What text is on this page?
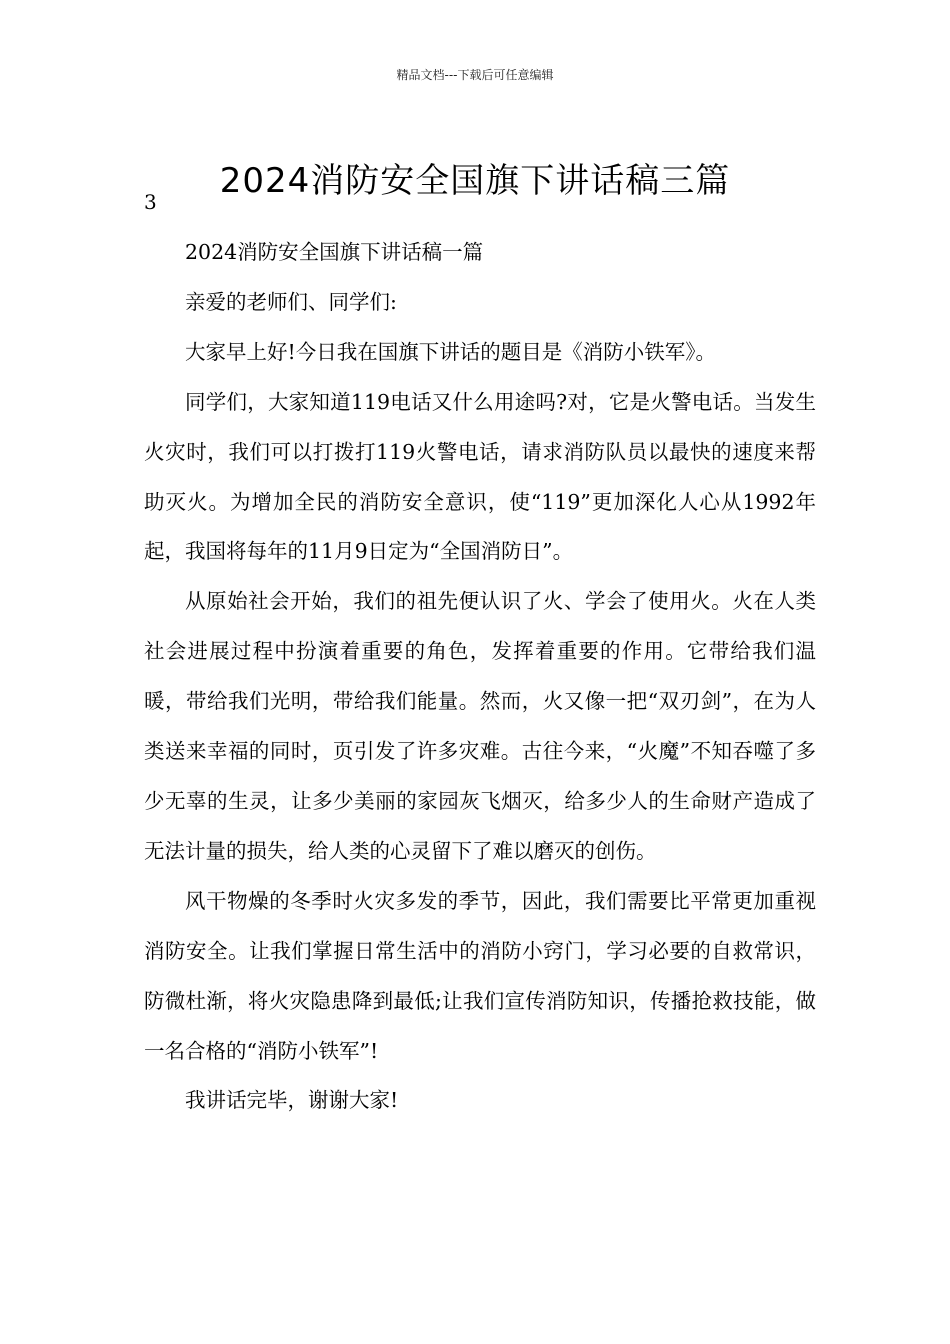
精品文档---下载后可任意编辑
2024消防安全国旗下讲话稿三篇
3

2024消防安全国旗下讲话稿一篇

亲爱的老师们、同学们:

大家早上好!今日我在国旗下讲话的题目是《消防小铁军》。

同学们，大家知道119电话又什么用途吗?对，它是火警电话。当发生火灾时，我们可以打拨打119火警电话，请求消防队员以最快的速度来帮助灭火。为增加全民的消防安全意识，使“119”更加深化人心从1992年起，我国将每年的11月9日定为“全国消防日”。

从原始社会开始，我们的祖先便认识了火、学会了使用火。火在人类社会进展过程中扮演着重要的角色，发挥着重要的作用。它带给我们温暖，带给我们光明，带给我们能量。然而，火又像一把“双刃剑”，在为人类送来幸福的同时，页引发了许多灾难。古往今来，“火魔”不知吞噬了多少无辜的生灵，让多少美丽的家园灰飞烟灭，给多少人的生命财产造成了无法计量的损失，给人类的心灵留下了难以磨灭的创伤。

风干物燥的冬季时火灾多发的季节，因此，我们需要比平常更加重视消防安全。让我们掌握日常生活中的消防小窍门，学习必要的自救常识，防微杜渐，将火灾隐患降到最低;让我们宣传消防知识，传播抢救技能，做一名合格的“消防小铁军”!

我讲话完毕，谢谢大家!
